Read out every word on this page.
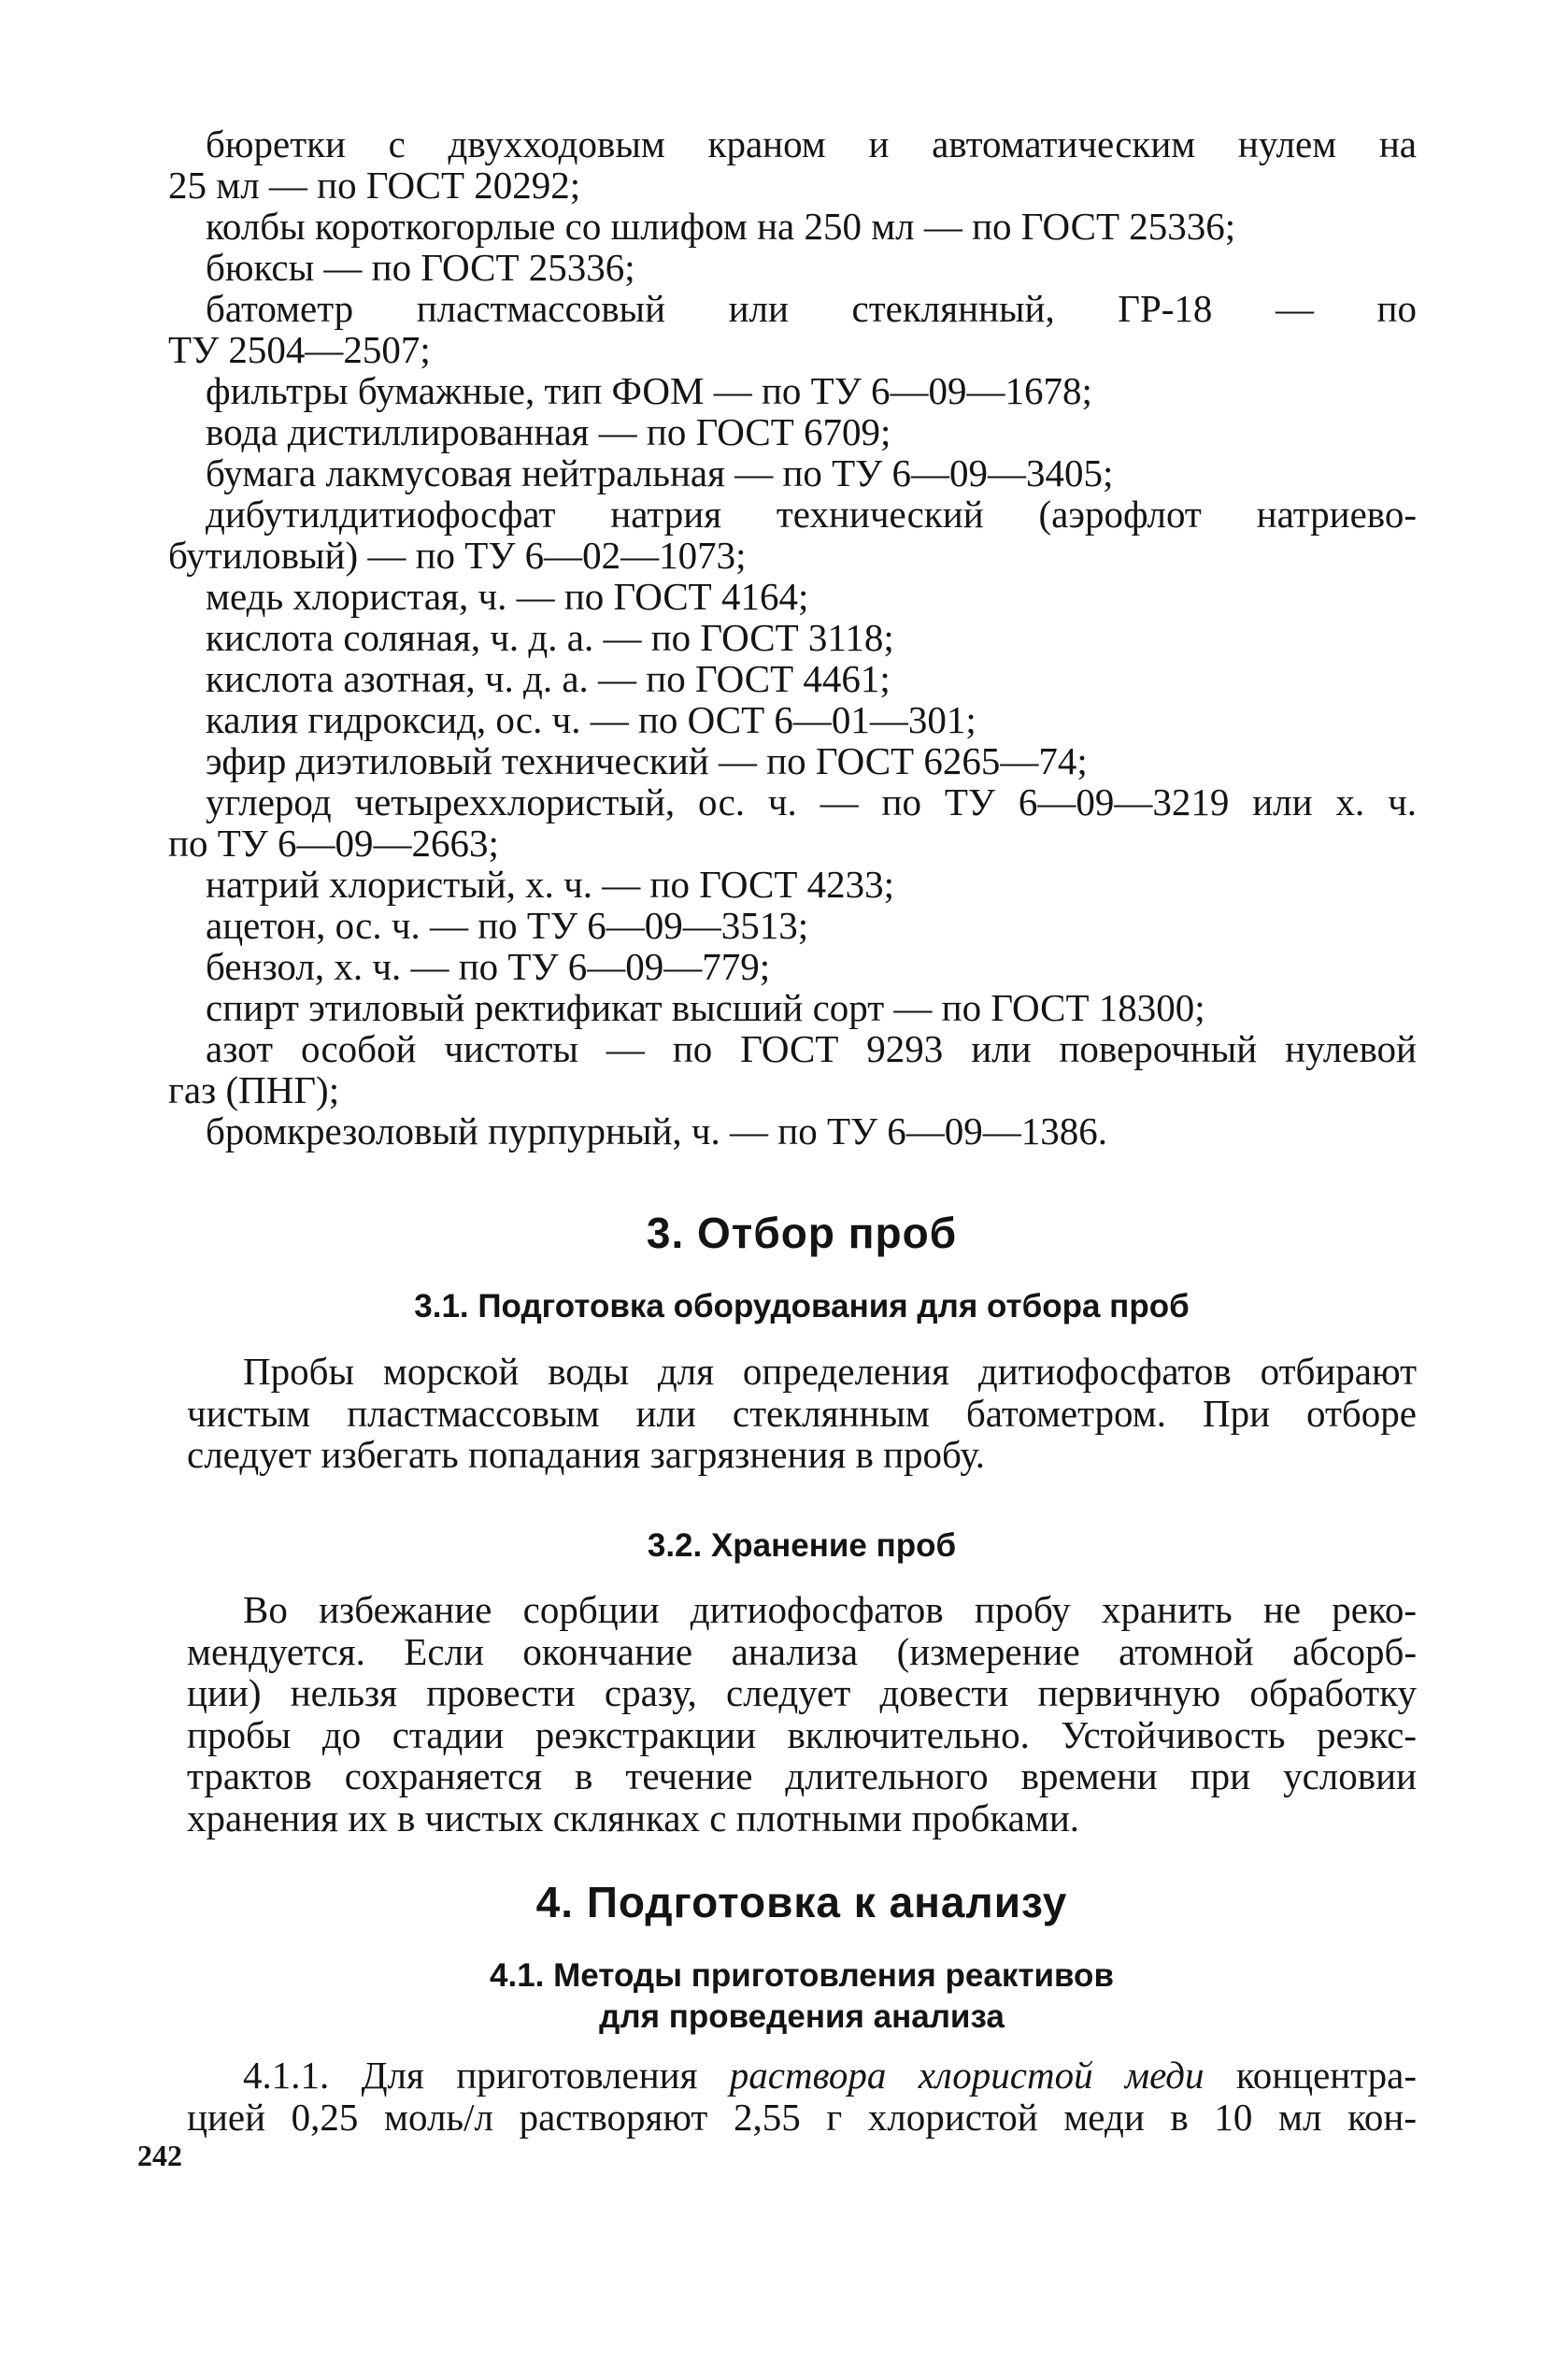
бюретки с двухходовым краном и автоматическим нулем на
25 мл — по ГОСТ 20292;
колбы короткогорлые со шлифом на 250 мл — по ГОСТ 25336;
бюксы — по ГОСТ 25336;
батометр пластмассовый или стеклянный, ГР-18 — по
ТУ 2504—2507;
фильтры бумажные, тип ФОМ — по ТУ 6—09—1678;
вода дистиллированная — по ГОСТ 6709;
бумага лакмусовая нейтральная — по ТУ 6—09—3405;
дибутилдитиофосфат натрия технический (аэрофлот натриево-
бутиловый) — по ТУ 6—02—1073;
медь хлористая, ч. — по ГОСТ 4164;
кислота соляная, ч. д. а. — по ГОСТ 3118;
кислота азотная, ч. д. а. — по ГОСТ 4461;
калия гидроксид, ос. ч. — по ОСТ 6—01—301;
эфир диэтиловый технический — по ГОСТ 6265—74;
углерод четыреххлористый, ос. ч. — по ТУ 6—09—3219 или х. ч.
по ТУ 6—09—2663;
натрий хлористый, х. ч. — по ГОСТ 4233;
ацетон, ос. ч. — по ТУ 6—09—3513;
бензол, х. ч. — по ТУ 6—09—779;
спирт этиловый ректификат высший сорт — по ГОСТ 18300;
азот особой чистоты — по ГОСТ 9293 или поверочный нулевой
газ (ПНГ);
бромкрезоловый пурпурный, ч. — по ТУ 6—09—1386.
3. Отбор проб
3.1. Подготовка оборудования для отбора проб
Пробы морской воды для определения дитиофосфатов отбирают
чистым пластмассовым или стеклянным батометром. При отборе
следует избегать попадания загрязнения в пробу.
3.2. Хранение проб
Во избежание сорбции дитиофосфатов пробу хранить не реко-
мендуется. Если окончание анализа (измерение атомной абсорб-
ции) нельзя провести сразу, следует довести первичную обработку
пробы до стадии реэкстракции включительно. Устойчивость реэкс-
трактов сохраняется в течение длительного времени при условии
хранения их в чистых склянках с плотными пробками.
4. Подготовка к анализу
4.1. Методы приготовления реактивов
для проведения анализа
4.1.1. Для приготовления раствора хлористой меди концентра-
цией 0,25 моль/л растворяют 2,55 г хлористой меди в 10 мл кон-
242
